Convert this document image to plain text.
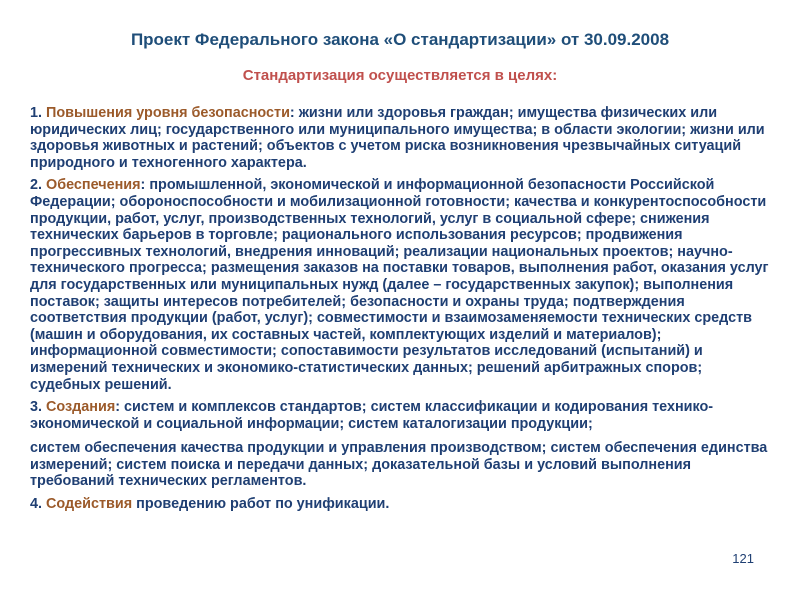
Проект Федерального закона «О стандартизации» от 30.09.2008
Стандартизация осуществляется в целях:

1. Повышения уровня безопасности: жизни или здоровья граждан; имущества физических или юридических лиц; государственного или муниципального имущества; в области экологии; жизни или здоровья животных и растений; объектов с учетом риска возникновения чрезвычайных ситуаций природного и техногенного характера.

2. Обеспечения: промышленной, экономической и информационной безопасности Российской Федерации; обороноспособности и мобилизационной готовности; качества и конкурентоспособности продукции, работ, услуг, производственных технологий, услуг в социальной сфере; снижения технических барьеров в торговле; рационального использования ресурсов; продвижения прогрессивных технологий, внедрения инноваций; реализации национальных проектов; научно-технического прогресса; размещения заказов на поставки товаров, выполнения работ, оказания услуг для государственных или муниципальных нужд (далее – государственных закупок); выполнения поставок; защиты интересов потребителей; безопасности и охраны труда; подтверждения соответствия продукции (работ, услуг); совместимости и взаимозаменяемости технических средств (машин и оборудования, их составных частей, комплектующих изделий и материалов); информационной совместимости; сопоставимости результатов исследований (испытаний) и измерений технических и экономико-статистических данных; решений арбитражных споров; судебных решений.

3. Создания: систем и комплексов стандартов; систем классификации и кодирования технико-экономической и социальной информации; систем каталогизации продукции;

систем обеспечения качества продукции и управления производством; систем обеспечения единства измерений; систем поиска и передачи данных; доказательной базы и условий выполнения требований технических регламентов.

4. Содействия проведению работ по унификации.

121
